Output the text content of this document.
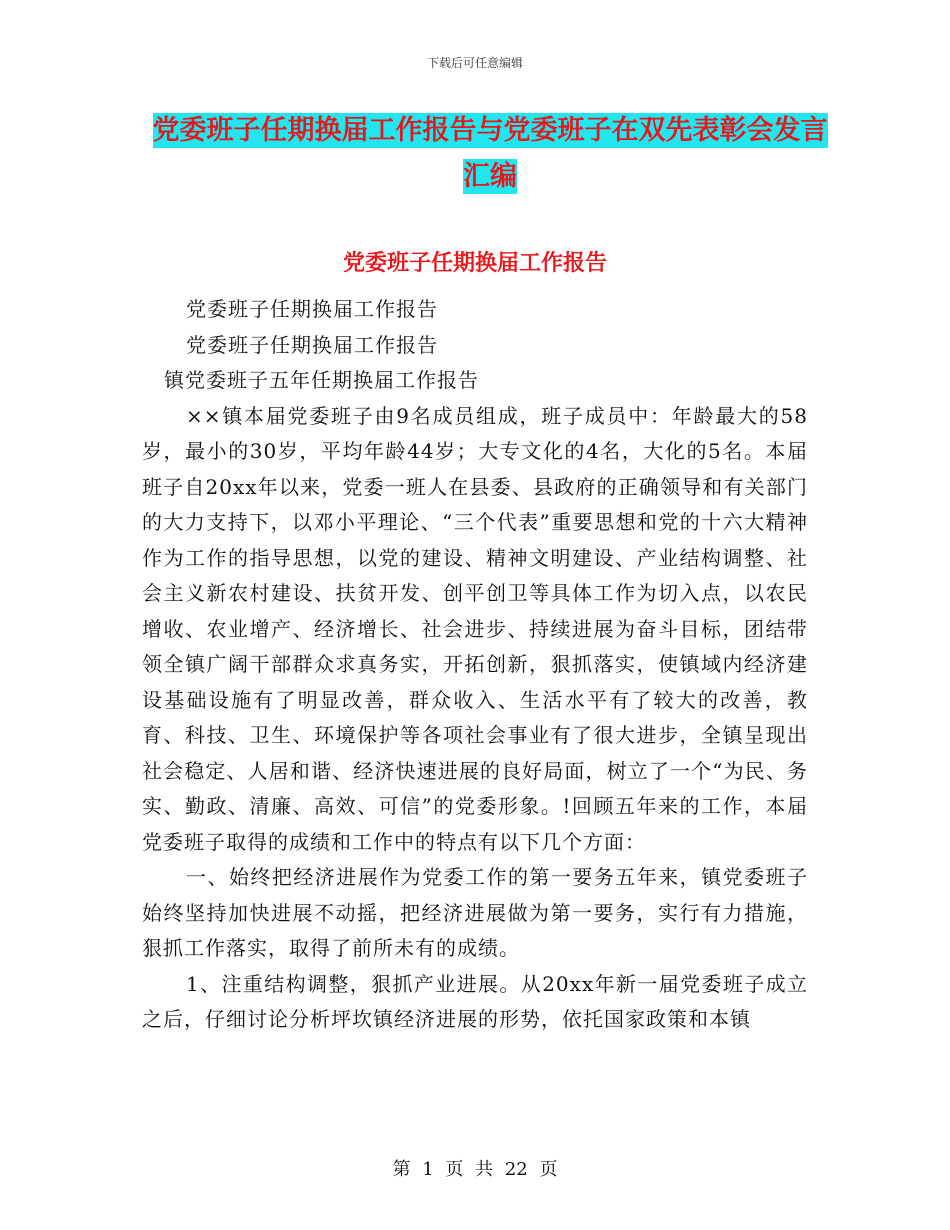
下载后可任意编辑
党委班子任期换届工作报告与党委班子在双先表彰会发言汇编
党委班子任期换届工作报告

党委班子任期换届工作报告

党委班子任期换届工作报告

镇党委班子五年任期换届工作报告

××镇本届党委班子由9名成员组成，班子成员中：年龄最大的58岁，最小的30岁，平均年龄44岁；大专文化的4名，大化的5名。本届班子自20xx年以来，党委一班人在县委、县政府的正确领导和有关部门的大力支持下，以邓小平理论、“三个代表”重要思想和党的十六大精神作为工作的指导思想，以党的建设、精神文明建设、产业结构调整、社会主义新农村建设、扶贫开发、创平创卫等具体工作为切入点，以农民增收、农业增产、经济增长、社会进步、持续进展为奋斗目标，团结带领全镇广阔干部群众求真务实，开拓创新，狠抓落实，使镇域内经济建设基础设施有了明显改善，群众收入、生活水平有了较大的改善，教育、科技、卫生、环境保护等各项社会事业有了很大进步，全镇呈现出社会稳定、人居和谐、经济快速进展的良好局面，树立了一个“为民、务实、勤政、清廉、高效、可信”的党委形象。!回顾五年来的工作，本届党委班子取得的成绩和工作中的特点有以下几个方面：

一、始终把经济进展作为党委工作的第一要务五年来，镇党委班子始终坚持加快进展不动摇，把经济进展做为第一要务，实行有力措施，狠抓工作落实，取得了前所未有的成绩。

1、注重结构调整，狠抓产业进展。从20xx年新一届党委班子成立之后，仔细讨论分析坪坎镇经济进展的形势，依托国家政策和本镇

第 1 页 共 22 页
